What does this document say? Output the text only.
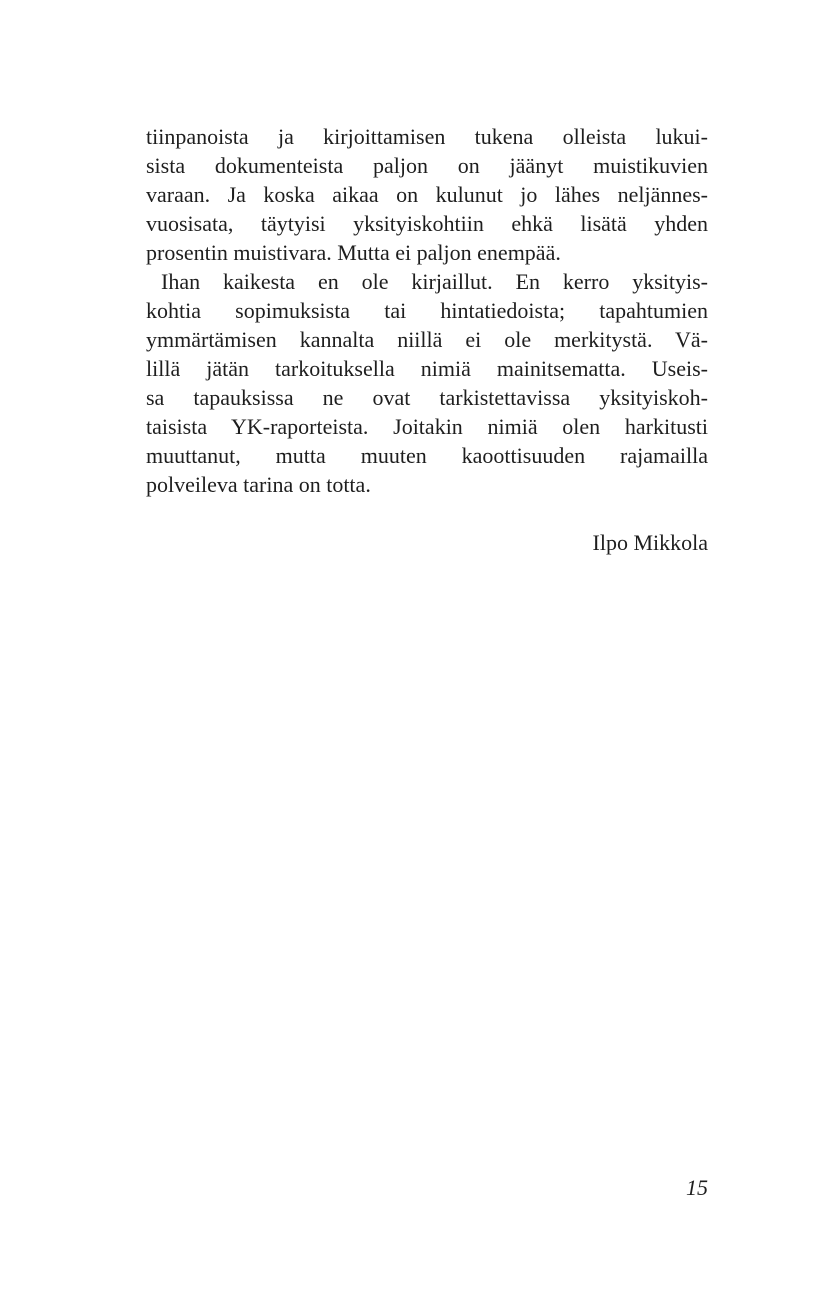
tiinpanoista ja kirjoittamisen tukena olleista lukui-
sista dokumenteista paljon on jäänyt muistikuvien
varaan. Ja koska aikaa on kulunut jo lähes neljännes-
vuosisata, täytyisi yksityiskohtiin ehkä lisätä yhden
prosentin muistivara. Mutta ei paljon enempää.
Ihan kaikesta en ole kirjaillut. En kerro yksityis-
kohtia sopimuksista tai hintatiedoista; tapahtumien
ymmärtämisen kannalta niillä ei ole merkitystä. Vä-
lillä jätän tarkoituksella nimiä mainitsematta. Useis-
sa tapauksissa ne ovat tarkistettavissa yksityiskoh-
taisista YK-raporteista. Joitakin nimiä olen harkitusti
muuttanut, mutta muuten kaoottisuuden rajamailla
polveileva tarina on totta.
Ilpo Mikkola
15
